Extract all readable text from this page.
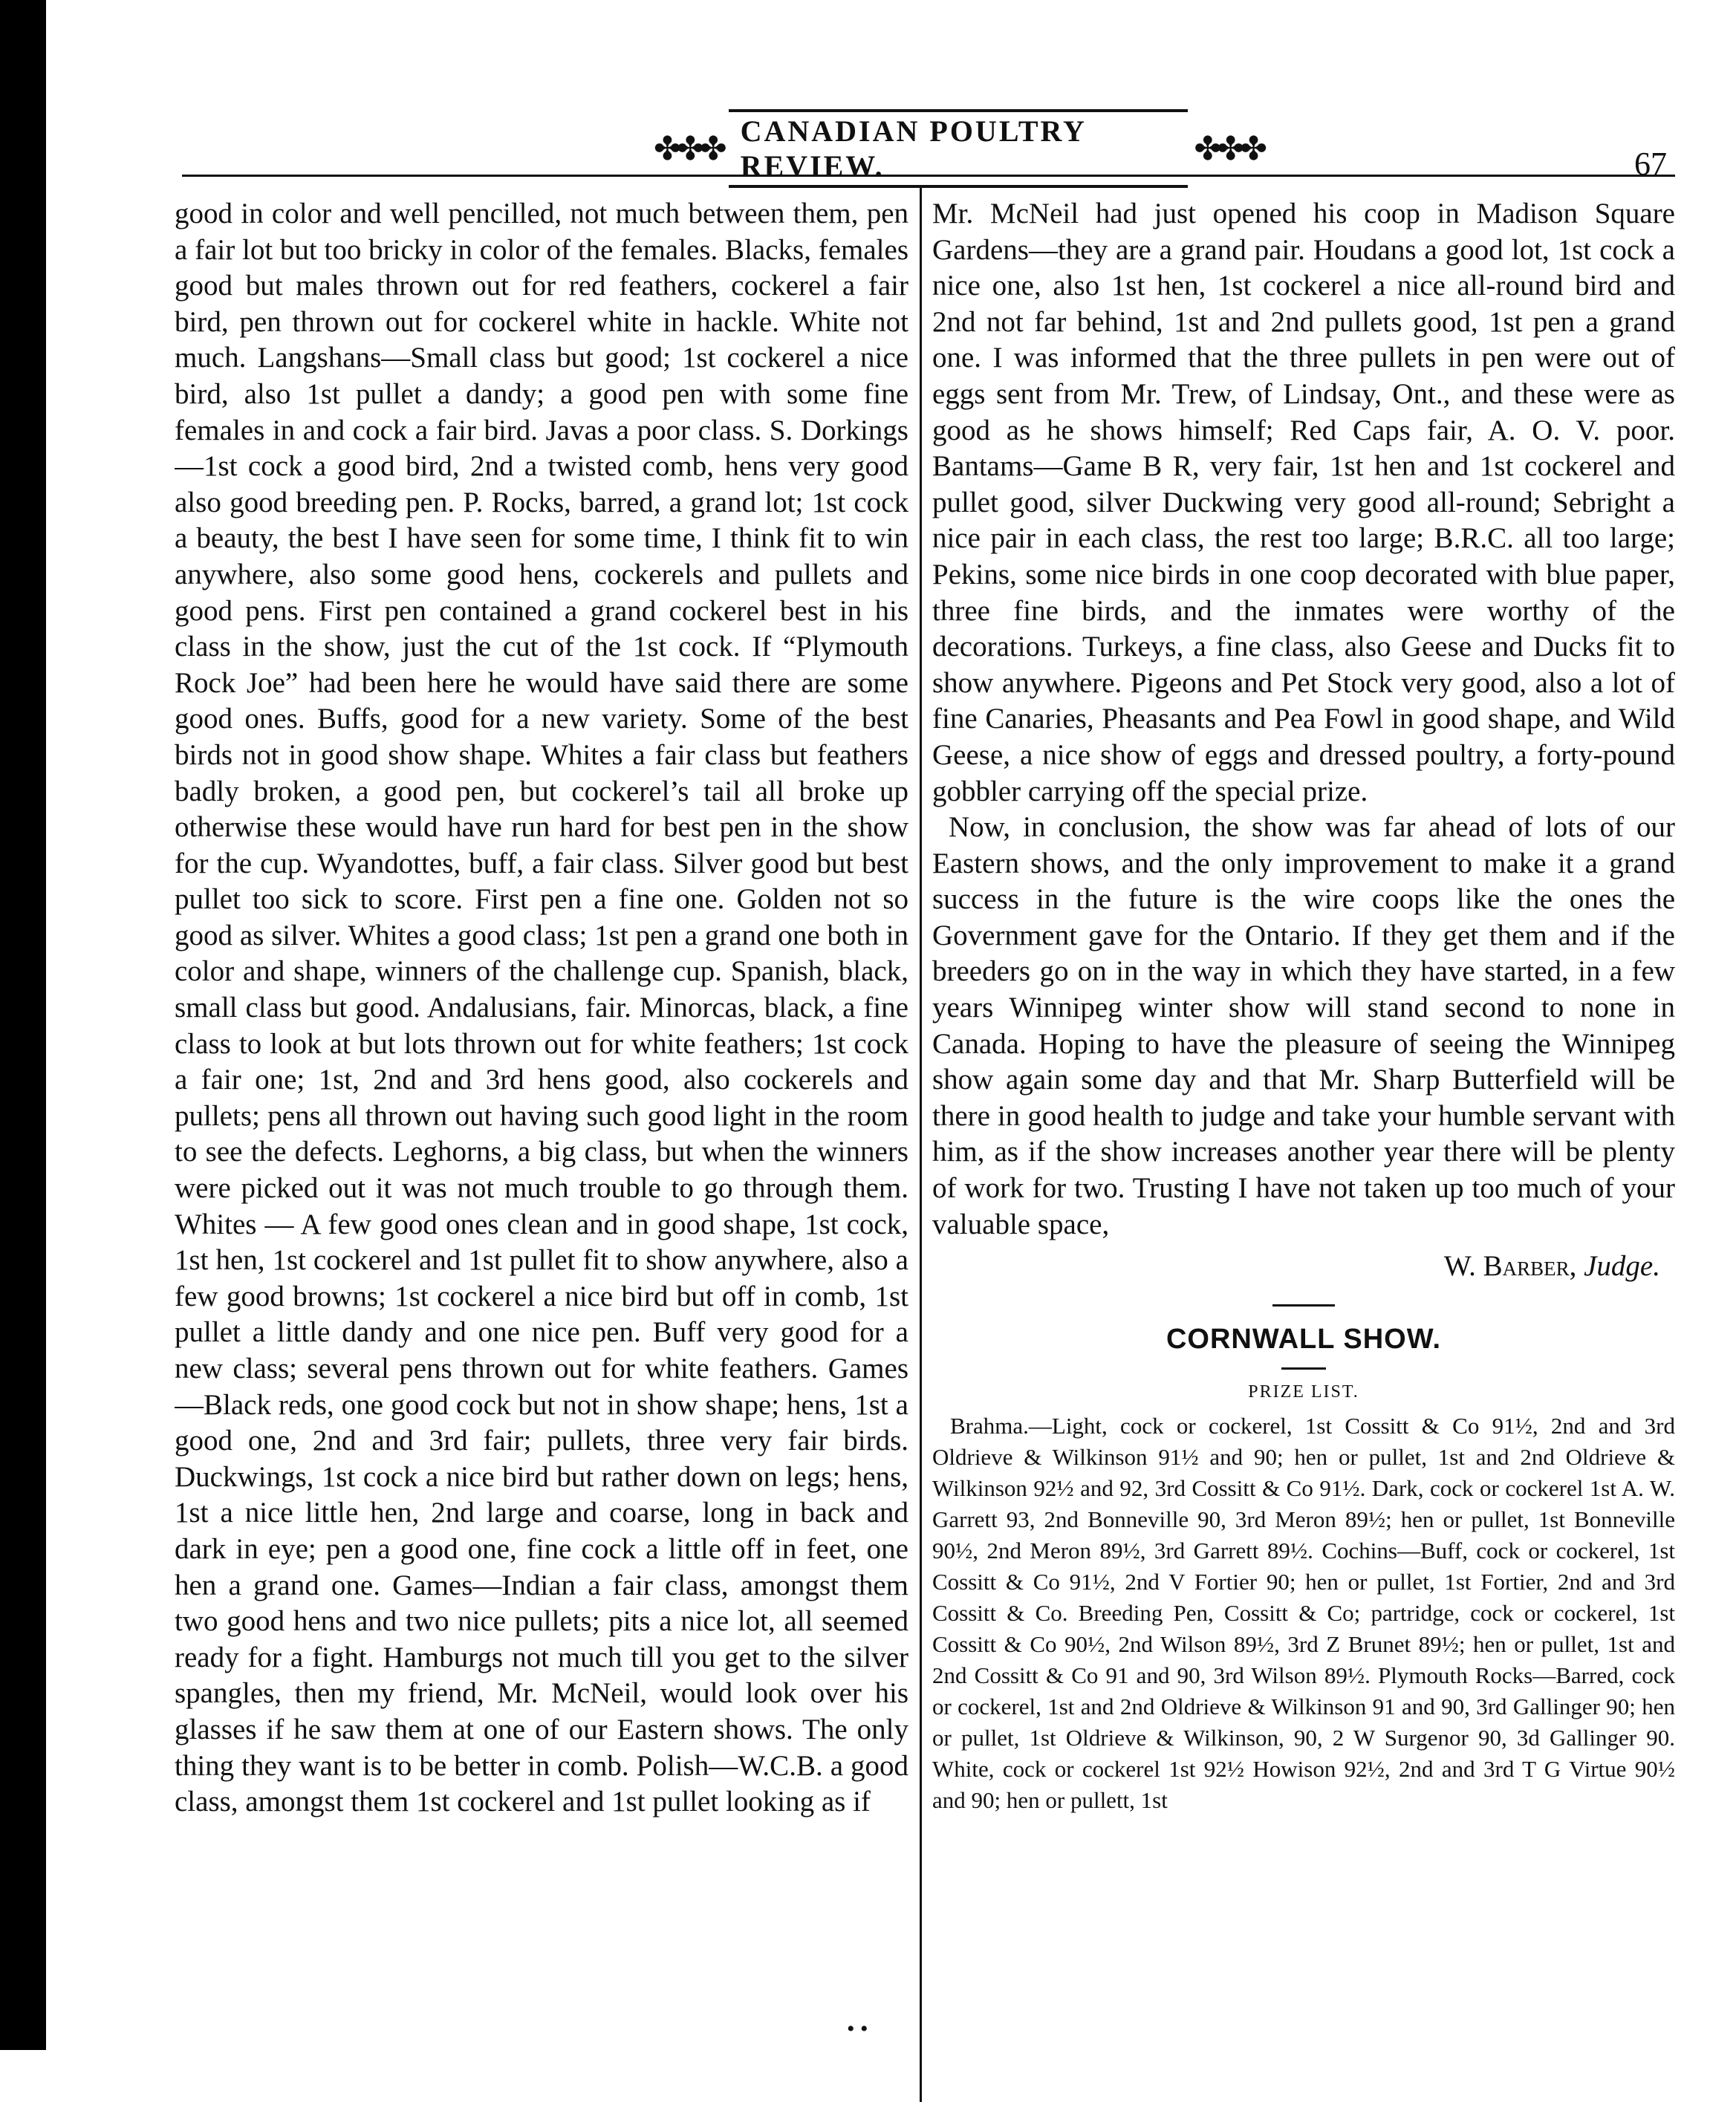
✤✤✤ CANADIAN POULTRY REVIEW.	✤✤✤	67

good in color and well pencilled, not much between them, pen a fair lot but too bricky in color of the females. Blacks, females good but males thrown out for red feathers, cockerel a fair bird, pen thrown out for cockerel white in hackle. White not much. Langshans—Small class but good; 1st cockerel a nice bird, also 1st pullet a dandy; a good pen with some fine females in and cock a fair bird. Javas a poor class. S. Dorkings—1st cock a good bird, 2nd a twisted comb, hens very good also good breeding pen. P. Rocks, barred, a grand lot; 1st cock a beauty, the best I have seen for some time, I think fit to win anywhere, also some good hens, cockerels and pullets and good pens. First pen contained a grand cockerel best in his class in the show, just the cut of the 1st cock. If “Plymouth Rock Joe” had been here he would have said there are some good ones. Buffs, good for a new variety. Some of the best birds not in good show shape. Whites a fair class but feathers badly broken, a good pen, but cockerel’s tail all broke up otherwise these would have run hard for best pen in the show for the cup. Wyandottes, buff, a fair class. Silver good but best pullet too sick to score. First pen a fine one. Golden not so good as silver. Whites a good class; 1st pen a grand one both in color and shape, winners of the challenge cup. Spanish, black, small class but good. Andalusians, fair. Minorcas, black, a fine class to look at but lots thrown out for white feathers; 1st cock a fair one; 1st, 2nd and 3rd hens good, also cockerels and pullets; pens all thrown out having such good light in the room to see the defects. Leghorns, a big class, but when the winners were picked out it was not much trouble to go through them. Whites — A few good ones clean and in good shape, 1st cock, 1st hen, 1st cockerel and 1st pullet fit to show anywhere, also a few good browns; 1st cockerel a nice bird but off in comb, 1st pullet a little dandy and one nice pen. Buff very good for a new class; several pens thrown out for white feathers. Games—Black reds, one good cock but not in show shape; hens, 1st a good one, 2nd and 3rd fair; pullets, three very fair birds. Duckwings, 1st cock a nice bird but rather down on legs; hens, 1st a nice little hen, 2nd large and coarse, long in back and dark in eye; pen a good one, fine cock a little off in feet, one hen a grand one. Games—Indian a fair class, amongst them two good hens and two nice pullets; pits a nice lot, all seemed ready for a fight. Hamburgs not much till you get to the silver spangles, then my friend, Mr. McNeil, would look over his glasses if he saw them at one of our Eastern shows. The only thing they want is to be better in comb. Polish—W.C.B. a good class, amongst them 1st cockerel and 1st pullet looking as if

Mr. McNeil had just opened his coop in Madison Square Gardens—they are a grand pair. Houdans a good lot, 1st cock a nice one, also 1st hen, 1st cockerel a nice all-round bird and 2nd not far behind, 1st and 2nd pullets good, 1st pen a grand one. I was informed that the three pullets in pen were out of eggs sent from Mr. Trew, of Lindsay, Ont., and these were as good as he shows himself; Red Caps fair, A. O. V. poor. Bantams—Game B R, very fair, 1st hen and 1st cockerel and pullet good, silver Duckwing very good all-round; Sebright a nice pair in each class, the rest too large; B.R.C. all too large; Pekins, some nice birds in one coop decorated with blue paper, three fine birds, and the inmates were worthy of the decorations. Turkeys, a fine class, also Geese and Ducks fit to show anywhere. Pigeons and Pet Stock very good, also a lot of fine Canaries, Pheasants and Pea Fowl in good shape, and Wild Geese, a nice show of eggs and dressed poultry, a forty-pound gobbler carrying off the special prize.

Now, in conclusion, the show was far ahead of lots of our Eastern shows, and the only improvement to make it a grand success in the future is the wire coops like the ones the Government gave for the Ontario. If they get them and if the breeders go on in the way in which they have started, in a few years Winnipeg winter show will stand second to none in Canada. Hoping to have the pleasure of seeing the Winnipeg show again some day and that Mr. Sharp Butterfield will be there in good health to judge and take your humble servant with him, as if the show increases another year there will be plenty of work for two. Trusting I have not taken up too much of your valuable space,

W. Barber, Judge.

CORNWALL SHOW.

PRIZE LIST.

Brahma.—Light, cock or cockerel, 1st Cossitt & Co 91½, 2nd and 3rd Oldrieve & Wilkinson 91½ and 90; hen or pullet, 1st and 2nd Oldrieve & Wilkinson 92½ and 92, 3rd Cossitt & Co 91½. Dark, cock or cockerel 1st A. W. Garrett 93, 2nd Bonneville 90, 3rd Meron 89½; hen or pullet, 1st Bonneville 90½, 2nd Meron 89½, 3rd Garrett 89½. Cochins—Buff, cock or cockerel, 1st Cossitt & Co 91½, 2nd V Fortier 90; hen or pullet, 1st Fortier, 2nd and 3rd Cossitt & Co. Breeding Pen, Cossitt & Co; partridge, cock or cockerel, 1st Cossitt & Co 90½, 2nd Wilson 89½, 3rd Z Brunet 89½; hen or pullet, 1st and 2nd Cossitt & Co 91 and 90, 3rd Wilson 89½. Plymouth Rocks—Barred, cock or cockerel, 1st and 2nd Oldrieve & Wilkinson 91 and 90, 3rd Gallinger 90; hen or pullet, 1st Oldrieve & Wilkinson, 90, 2 W Surgenor 90, 3d Gallinger 90. White, cock or cockerel 1st 92½ Howison 92½, 2nd and 3rd T G Virtue 90½ and 90; hen or pullett, 1st

• •
